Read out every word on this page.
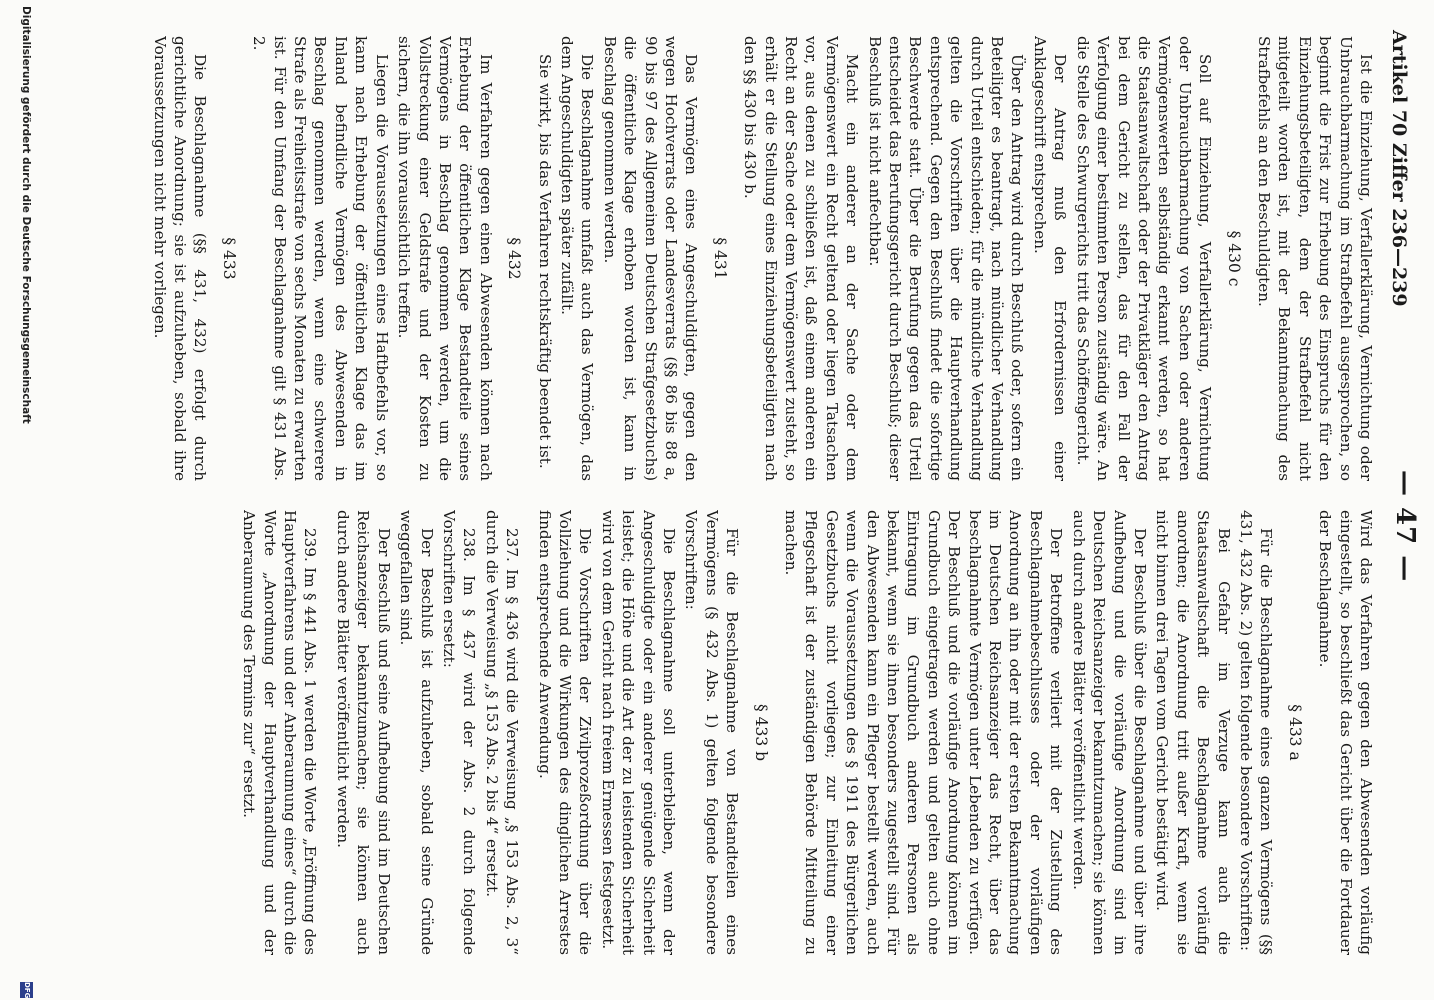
Artikel 70 Ziffer 236—239
— 47 —

Ist die Einziehung, Verfallerklärung, Vernichtung oder Unbrauchbarmachung im Strafbefehl ausgesprochen, so beginnt die Frist zur Erhebung des Einspruchs für den Einziehungsbeteiligten, dem der Strafbefehl nicht mitgeteilt worden ist, mit der Bekanntmachung des Strafbefehls an den Beschuldigten.

§ 430 c

Soll auf Einziehung, Verfallerklärung, Vernichtung oder Unbrauchbarmachung von Sachen oder anderen Vermögenswerten selbständig erkannt werden, so hat die Staatsanwaltschaft oder der Privatkläger den Antrag bei dem Gericht zu stellen, das für den Fall der Verfolgung einer bestimmten Person zuständig wäre. An die Stelle des Schwurgerichts tritt das Schöffengericht.

Der Antrag muß den Erfordernissen einer Anklageschrift entsprechen.

Über den Antrag wird durch Beschluß oder, sofern ein Beteiligter es beantragt, nach mündlicher Verhandlung durch Urteil entschieden; für die mündliche Verhandlung gelten die Vorschriften über die Hauptverhandlung entsprechend. Gegen den Beschluß findet die sofortige Beschwerde statt. Über die Berufung gegen das Urteil entscheidet das Berufungsgericht durch Beschluß; dieser Beschluß ist nicht anfechtbar.

Macht ein anderer an der Sache oder dem Vermögenswert ein Recht geltend oder liegen Tatsachen vor, aus denen zu schließen ist, daß einem anderen ein Recht an der Sache oder dem Vermögenswert zusteht, so erhält er die Stellung eines Einziehungsbeteiligten nach den §§ 430 bis 430 b.

§ 431

Das Vermögen eines Angeschuldigten, gegen den wegen Hochverrats oder Landesverrats (§§ 86 bis 88 a, 90 bis 97 des Allgemeinen Deutschen Strafgesetzbuchs) die öffentliche Klage erhoben worden ist, kann in Beschlag genommen werden.

Die Beschlagnahme umfaßt auch das Vermögen, das dem Angeschuldigten später zufällt.

Sie wirkt, bis das Verfahren rechtskräftig beendet ist.

§ 432

Im Verfahren gegen einen Abwesenden können nach Erhebung der öffentlichen Klage Bestandteile seines Vermögens in Beschlag genommen werden, um die Vollstreckung einer Geldstrafe und der Kosten zu sichern, die ihn voraussichtlich treffen.

Liegen die Voraussetzungen eines Haftbefehls vor, so kann nach Erhebung der öffentlichen Klage das im Inland befindliche Vermögen des Abwesenden in Beschlag genommen werden, wenn eine schwerere Strafe als Freiheitsstrafe von sechs Monaten zu erwarten ist. Für den Umfang der Beschlagnahme gilt § 431 Abs. 2.

§ 433

Die Beschlagnahme (§§ 431, 432) erfolgt durch gerichtliche Anordnung; sie ist aufzuheben, sobald ihre Voraussetzungen nicht mehr vorliegen.

Wird das Verfahren gegen den Abwesenden vorläufig eingestellt, so beschließt das Gericht über die Fortdauer der Beschlagnahme.

§ 433 a

Für die Beschlagnahme eines ganzen Vermögens (§§ 431, 432 Abs. 2) gelten folgende besondere Vorschriften:

Bei Gefahr im Verzuge kann auch die Staatsanwaltschaft die Beschlagnahme vorläufig anordnen; die Anordnung tritt außer Kraft, wenn sie nicht binnen drei Tagen vom Gericht bestätigt wird.

Der Beschluß über die Beschlagnahme und über ihre Aufhebung und die vorläufige Anordnung sind im Deutschen Reichsanzeiger bekanntzumachen; sie können auch durch andere Blätter veröffentlicht werden.

Der Betroffene verliert mit der Zustellung des Beschlagnahmebeschlusses oder der vorläufigen Anordnung an ihn oder mit der ersten Bekanntmachung im Deutschen Reichsanzeiger das Recht, über das beschlagnahmte Vermögen unter Lebenden zu verfügen. Der Beschluß und die vorläufige Anordnung können im Grundbuch eingetragen werden und gelten auch ohne Eintragung im Grundbuch anderen Personen als bekannt, wenn sie ihnen besonders zugestellt sind. Für den Abwesenden kann ein Pfleger bestellt werden, auch wenn die Voraussetzungen des § 1911 des Bürgerlichen Gesetzbuchs nicht vorliegen; zur Einleitung einer Pflegschaft ist der zuständigen Behörde Mitteilung zu machen.

§ 433 b

Für die Beschlagnahme von Bestandteilen eines Vermögens (§ 432 Abs. 1) gelten folgende besondere Vorschriften:

Die Beschlagnahme soll unterbleiben, wenn der Angeschuldigte oder ein anderer genügende Sicherheit leistet; die Höhe und die Art der zu leistenden Sicherheit wird von dem Gericht nach freiem Ermessen festgesetzt.

Die Vorschriften der Zivilprozeßordnung über die Vollziehung und die Wirkungen des dinglichen Arrestes finden entsprechende Anwendung.

237. Im § 436 wird die Verweisung „§ 153 Abs. 2, 3“ durch die Verweisung „§ 153 Abs. 2 bis 4“ ersetzt.

238. Im § 437 wird der Abs. 2 durch folgende Vorschriften ersetzt:

Der Beschluß ist aufzuheben, sobald seine Gründe weggefallen sind.

Der Beschluß und seine Aufhebung sind im Deutschen Reichsanzeiger bekanntzumachen; sie können auch durch andere Blätter veröffentlicht werden.

239. Im § 441 Abs. 1 werden die Worte „Eröffnung des Hauptverfahrens und der Anberaumung eines“ durch die Worte „Anordnung der Hauptverhandlung und der Anberaumung des Termins zur“ ersetzt.

Digitalisierung gefördert durch die Deutsche Forschungsgemeinschaft
DFG
